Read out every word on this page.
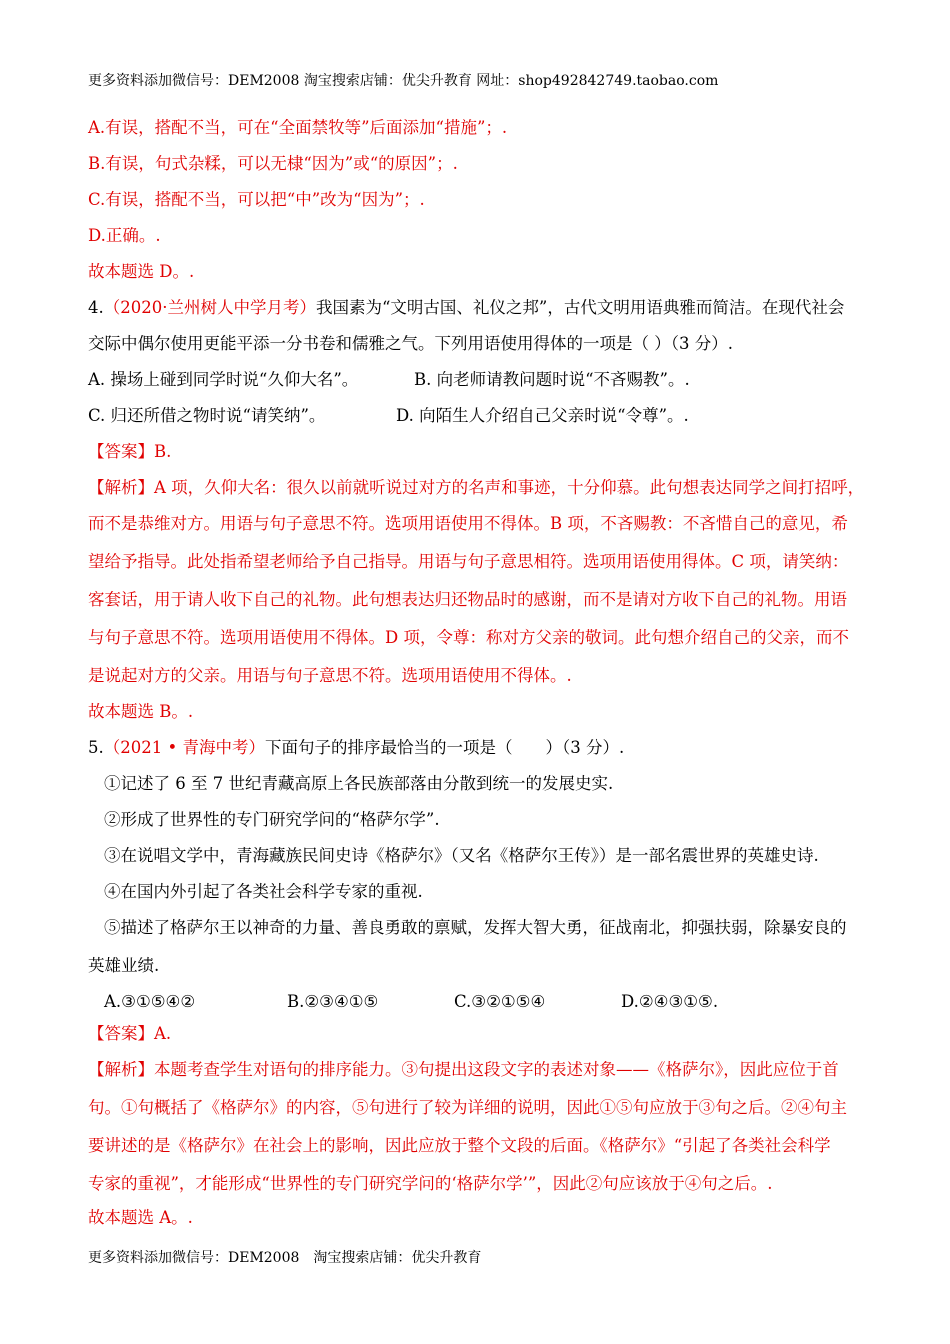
更多资料添加微信号：DEM2008 淘宝搜索店铺：优尖升教育 网址：shop492842749.taobao.com
A.有误，搭配不当，可在“全面禁牧等”后面添加“措施”；.
B.有误，句式杂糅，可以无棣“因为”或“的原因”；.
C.有误，搭配不当，可以把“中”改为“因为”；.
D.正确。.
故本题选 D。.
4.（2020·兰州树人中学月考）我国素为“文明古国、礼仪之邦”，古代文明用语典雅而简洁。在现代社会
交际中偶尔使用更能平添一分书卷和儒雅之气。下列用语使用得体的一项是（ ）（3 分）.
A. 操场上碰到同学时说“久仰大名”。	B. 向老师请教问题时说“不吝赐教”。.
C. 归还所借之物时说“请笑纳”。	D. 向陌生人介绍自己父亲时说“令尊”。.
【答案】B.
【解析】A 项，久仰大名：很久以前就听说过对方的名声和事迹，十分仰慕。此句想表达同学之间打招呼，
而不是恭维对方。用语与句子意思不符。选项用语使用不得体。B 项，不吝赐教：不吝惜自己的意见，希
望给予指导。此处指希望老师给予自己指导。用语与句子意思相符。选项用语使用得体。C 项，请笑纳：
客套话，用于请人收下自己的礼物。此句想表达归还物品时的感谢，而不是请对方收下自己的礼物。用语
与句子意思不符。选项用语使用不得体。D 项，令尊：称对方父亲的敬词。此句想介绍自己的父亲，而不
是说起对方的父亲。用语与句子意思不符。选项用语使用不得体。.
故本题选 B。.
5.（2021 • 青海中考）下面句子的排序最恰当的一项是（　　）（3 分）.
①记述了 6 至 7 世纪青藏高原上各民族部落由分散到统一的发展史实.
②形成了世界性的专门研究学问的“格萨尔学”.
③在说唱文学中，青海藏族民间史诗《格萨尔》（又名《格萨尔王传》）是一部名震世界的英雄史诗.
④在国内外引起了各类社会科学专家的重视.
⑤描述了格萨尔王以神奇的力量、善良勇敢的禀赋，发挥大智大勇，征战南北，抑强扶弱，除暴安良的
英雄业绩.
A.③①⑤④②	B.②③④①⑤	C.③②①⑤④	D.②④③①⑤.
【答案】A.
【解析】本题考查学生对语句的排序能力。③句提出这段文字的表述对象——《格萨尔》，因此应位于首
句。①句概括了《格萨尔》的内容，⑤句进行了较为详细的说明，因此①⑤句应放于③句之后。②④句主
要讲述的是《格萨尔》在社会上的影响，因此应放于整个文段的后面。《格萨尔》“引起了各类社会科学
专家的重视”，才能形成“世界性的专门研究学问的‘格萨尔学’”，因此②句应该放于④句之后。.
故本题选 A。.
更多资料添加微信号：DEM2008　淘宝搜索店铺：优尖升教育
